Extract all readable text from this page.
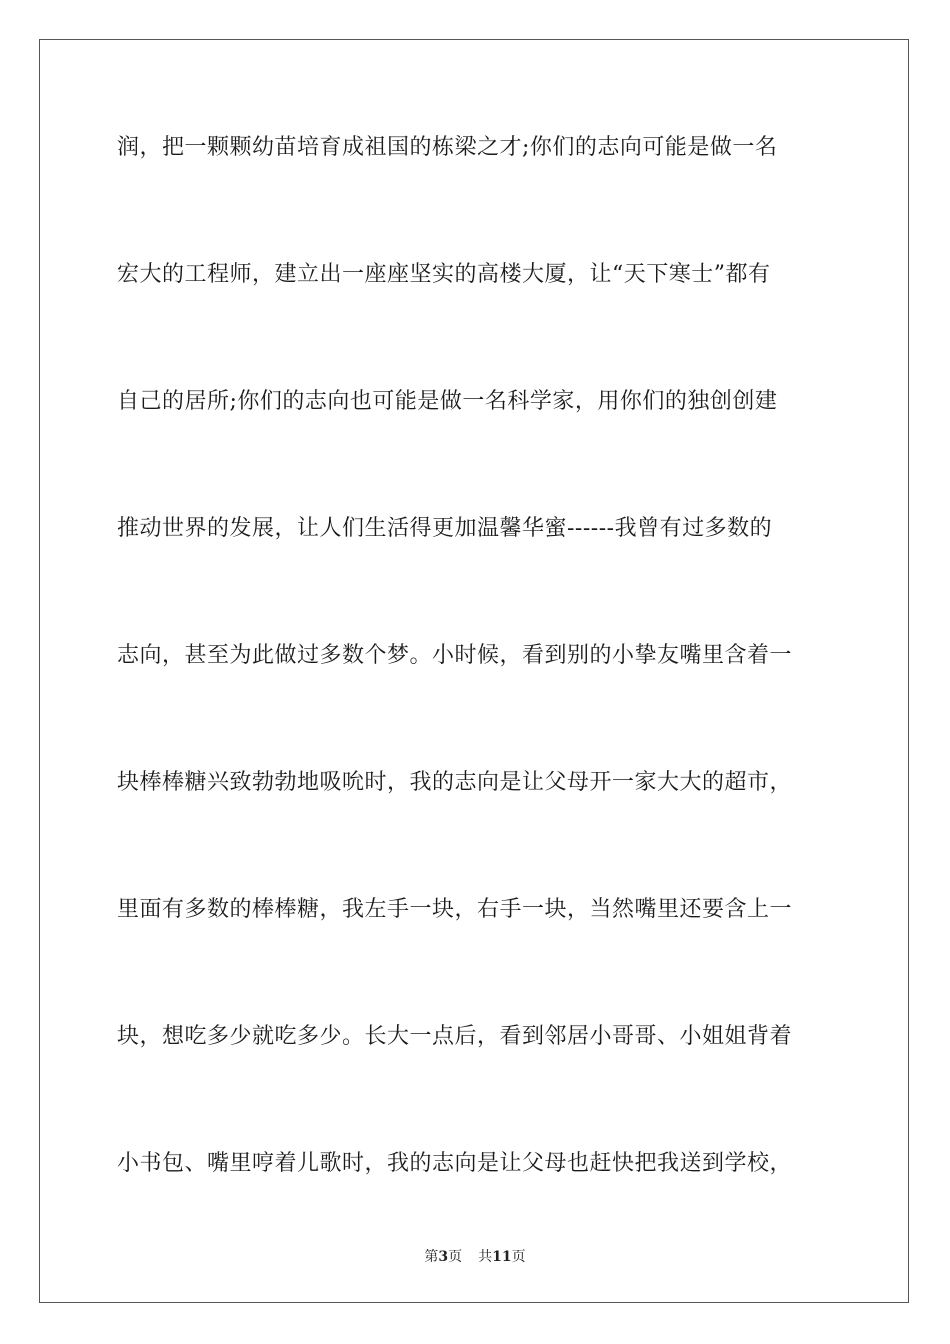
润，把一颗颗幼苗培育成祖国的栋梁之才;你们的志向可能是做一名
宏大的工程师，建立出一座座坚实的高楼大厦，让“天下寒士”都有
自己的居所;你们的志向也可能是做一名科学家，用你们的独创创建
推动世界的发展，让人们生活得更加温馨华蜜------我曾有过多数的
志向，甚至为此做过多数个梦。小时候，看到别的小挚友嘴里含着一
块棒棒糖兴致勃勃地吸吮时，我的志向是让父母开一家大大的超市，
里面有多数的棒棒糖，我左手一块，右手一块，当然嘴里还要含上一
块，想吃多少就吃多少。长大一点后，看到邻居小哥哥、小姐姐背着
小书包、嘴里哼着儿歌时，我的志向是让父母也赶快把我送到学校，
第3页 共11页
